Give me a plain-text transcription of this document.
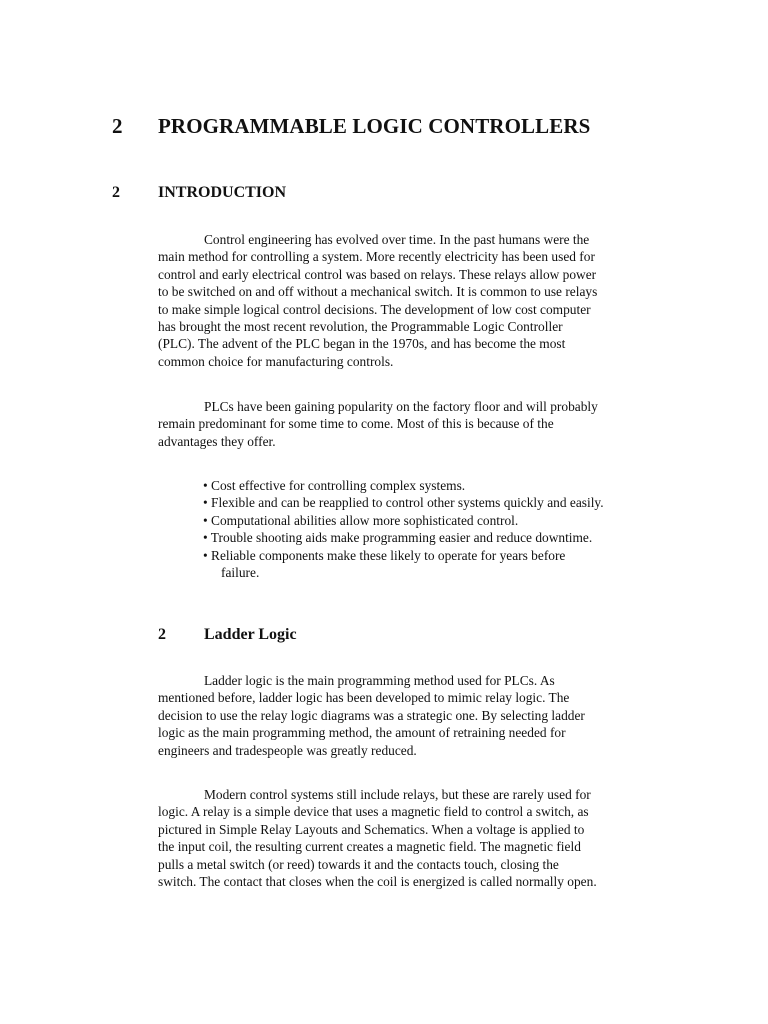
2 PROGRAMMABLE LOGIC CONTROLLERS
2 INTRODUCTION

Control engineering has evolved over time. In the past humans were the
main method for controlling a system. More recently electricity has been used for
control and early electrical control was based on relays. These relays allow power
to be switched on and off without a mechanical switch. It is common to use relays
to make simple logical control decisions. The development of low cost computer
has brought the most recent revolution, the Programmable Logic Controller
(PLC). The advent of the PLC began in the 1970s, and has become the most
common choice for manufacturing controls.

PLCs have been gaining popularity on the factory floor and will probably
remain predominant for some time to come. Most of this is because of the
advantages they offer.

• Cost effective for controlling complex systems.
• Flexible and can be reapplied to control other systems quickly and easily.
• Computational abilities allow more sophisticated control.
• Trouble shooting aids make programming easier and reduce downtime.
• Reliable components make these likely to operate for years before
failure.
2 Ladder Logic

Ladder logic is the main programming method used for PLCs. As
mentioned before, ladder logic has been developed to mimic relay logic. The
decision to use the relay logic diagrams was a strategic one. By selecting ladder
logic as the main programming method, the amount of retraining needed for
engineers and tradespeople was greatly reduced.

Modern control systems still include relays, but these are rarely used for
logic. A relay is a simple device that uses a magnetic field to control a switch, as
pictured in Simple Relay Layouts and Schematics. When a voltage is applied to
the input coil, the resulting current creates a magnetic field. The magnetic field
pulls a metal switch (or reed) towards it and the contacts touch, closing the
switch. The contact that closes when the coil is energized is called normally open.
